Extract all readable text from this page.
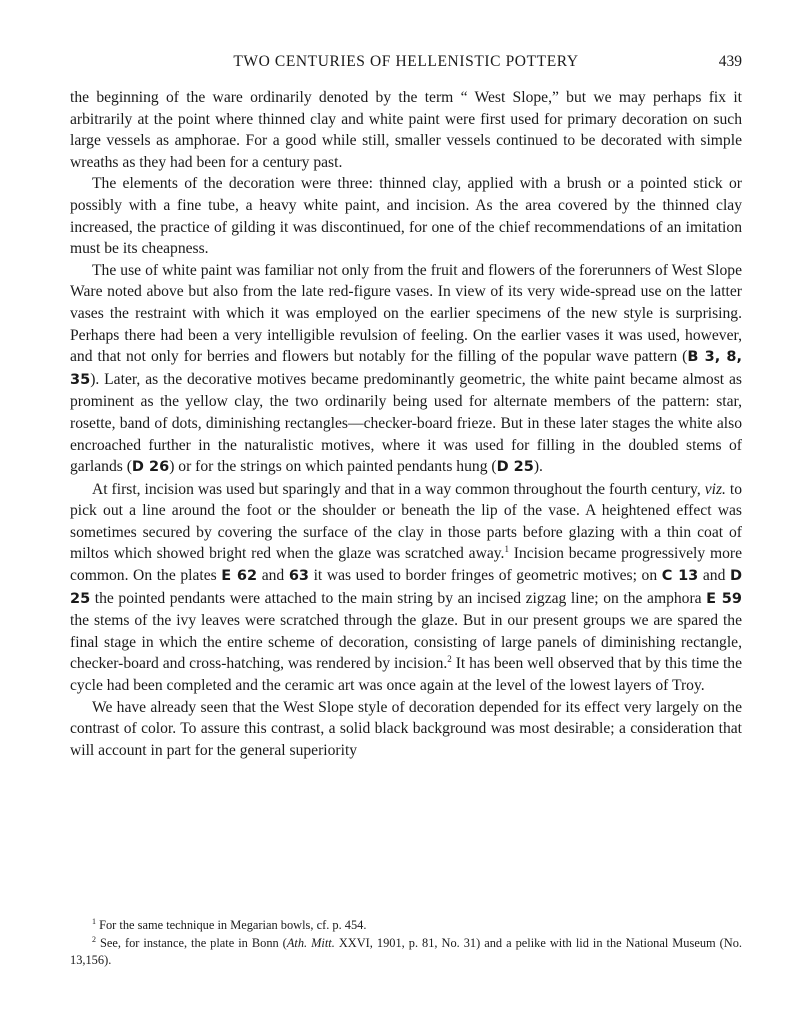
TWO CENTURIES OF HELLENISTIC POTTERY	439

the beginning of the ware ordinarily denoted by the term “ West Slope,” but we may perhaps fix it arbitrarily at the point where thinned clay and white paint were first used for primary decoration on such large vessels as amphorae. For a good while still, smaller vessels continued to be decorated with simple wreaths as they had been for a century past.

The elements of the decoration were three: thinned clay, applied with a brush or a pointed stick or possibly with a fine tube, a heavy white paint, and incision. As the area covered by the thinned clay increased, the practice of gilding it was discontinued, for one of the chief recommendations of an imitation must be its cheapness.

The use of white paint was familiar not only from the fruit and flowers of the forerunners of West Slope Ware noted above but also from the late red-figure vases. In view of its very wide-spread use on the latter vases the restraint with which it was employed on the earlier specimens of the new style is surprising. Perhaps there had been a very intelligible revulsion of feeling. On the earlier vases it was used, however, and that not only for berries and flowers but notably for the filling of the popular wave pattern (B 3, 8, 35). Later, as the decorative motives became predominantly geometric, the white paint became almost as prominent as the yellow clay, the two ordinarily being used for alternate members of the pattern: star, rosette, band of dots, diminishing rectangles—checker-board frieze. But in these later stages the white also encroached further in the naturalistic motives, where it was used for filling in the doubled stems of garlands (D 26) or for the strings on which painted pendants hung (D 25).

At first, incision was used but sparingly and that in a way common throughout the fourth century, viz. to pick out a line around the foot or the shoulder or beneath the lip of the vase. A heightened effect was sometimes secured by covering the surface of the clay in those parts before glazing with a thin coat of miltos which showed bright red when the glaze was scratched away.$^1$ Incision became progressively more common. On the plates E 62 and 63 it was used to border fringes of geometric motives; on C 13 and D 25 the pointed pendants were attached to the main string by an incised zigzag line; on the amphora E 59 the stems of the ivy leaves were scratched through the glaze. But in our present groups we are spared the final stage in which the entire scheme of decoration, consisting of large panels of diminishing rectangle, checker-board and cross-hatching, was rendered by incision.$^2$ It has been well observed that by this time the cycle had been completed and the ceramic art was once again at the level of the lowest layers of Troy.

We have already seen that the West Slope style of decoration depended for its effect very largely on the contrast of color. To assure this contrast, a solid black background was most desirable; a consideration that will account in part for the general superiority

$^1$ For the same technique in Megarian bowls, cf. p. 454.

$^2$ See, for instance, the plate in Bonn (Ath. Mitt. XXVI, 1901, p. 81, No. 31) and a pelike with lid in the National Museum (No. 13,156).
